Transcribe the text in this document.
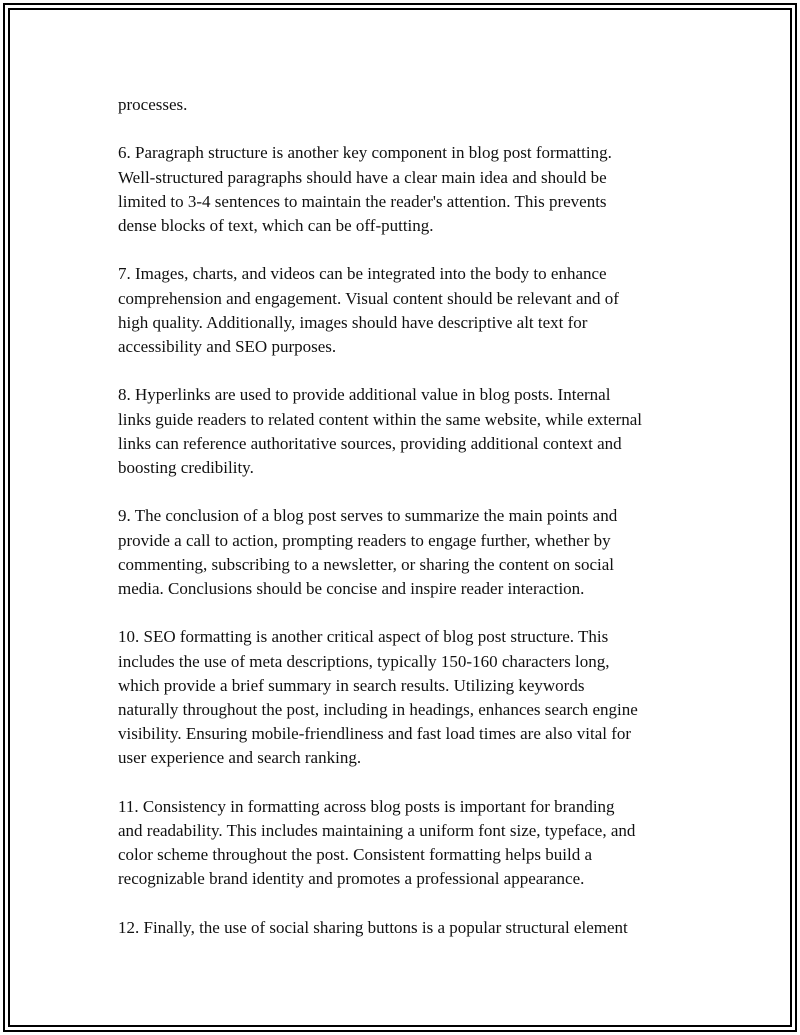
processes.

6. Paragraph structure is another key component in blog post formatting.
Well-structured paragraphs should have a clear main idea and should be
limited to 3-4 sentences to maintain the reader's attention. This prevents
dense blocks of text, which can be off-putting.

7. Images, charts, and videos can be integrated into the body to enhance
comprehension and engagement. Visual content should be relevant and of
high quality. Additionally, images should have descriptive alt text for
accessibility and SEO purposes.

8. Hyperlinks are used to provide additional value in blog posts. Internal
links guide readers to related content within the same website, while external
links can reference authoritative sources, providing additional context and
boosting credibility.

9. The conclusion of a blog post serves to summarize the main points and
provide a call to action, prompting readers to engage further, whether by
commenting, subscribing to a newsletter, or sharing the content on social
media. Conclusions should be concise and inspire reader interaction.

10. SEO formatting is another critical aspect of blog post structure. This
includes the use of meta descriptions, typically 150-160 characters long,
which provide a brief summary in search results. Utilizing keywords
naturally throughout the post, including in headings, enhances search engine
visibility. Ensuring mobile-friendliness and fast load times are also vital for
user experience and search ranking.

11. Consistency in formatting across blog posts is important for branding
and readability. This includes maintaining a uniform font size, typeface, and
color scheme throughout the post. Consistent formatting helps build a
recognizable brand identity and promotes a professional appearance.

12. Finally, the use of social sharing buttons is a popular structural element
